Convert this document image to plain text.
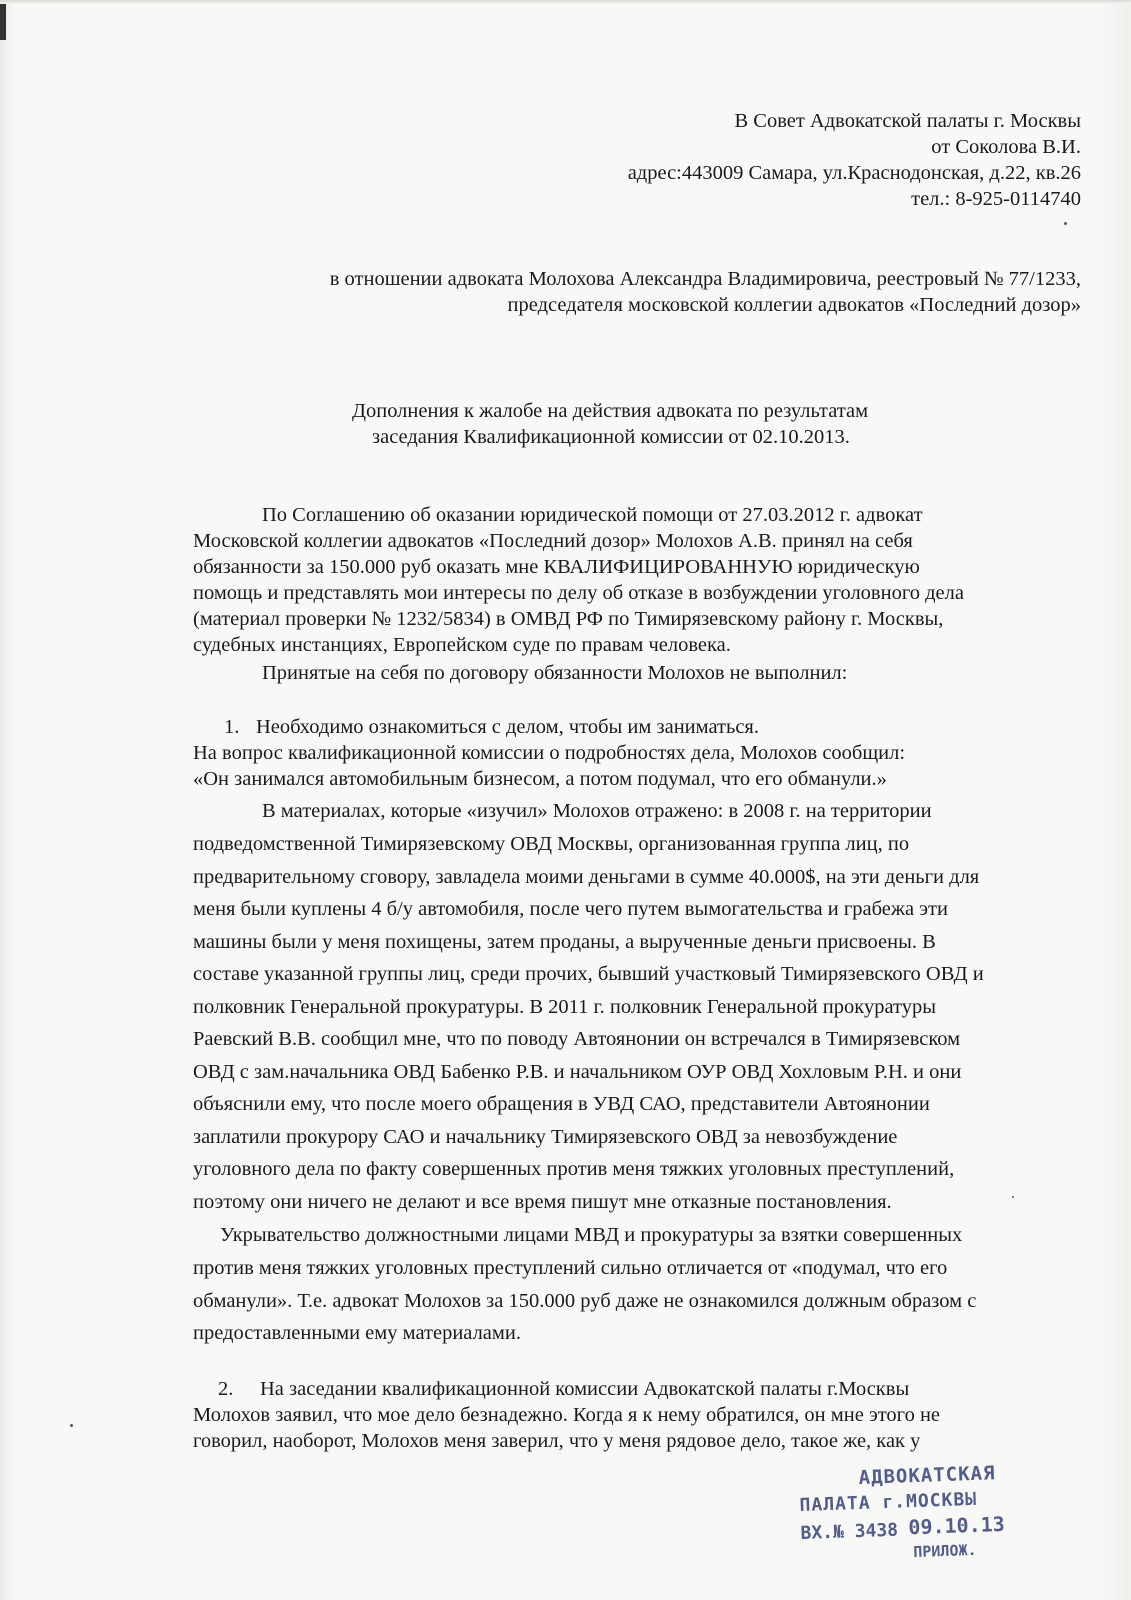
В Совет Адвокатской палаты г. Москвы
от Соколова В.И.
адрес:443009 Самара, ул.Краснодонская, д.22, кв.26
тел.: 8-925-0114740
в отношении адвоката Молохова Александра Владимировича, реестровый № 77/1233,
председателя московской коллегии адвокатов «Последний дозор»
Дополнения к жалобе на действия адвоката по результатам
заседания Квалификационной комиссии от 02.10.2013.
По Соглашению об оказании юридической помощи от 27.03.2012 г. адвокат
Московской коллегии адвокатов «Последний дозор» Молохов А.В. принял на себя
обязанности за 150.000 руб оказать мне КВАЛИФИЦИРОВАННУЮ юридическую
помощь и представлять мои интересы по делу об отказе в возбуждении уголовного дела
(материал проверки № 1232/5834) в ОМВД РФ по Тимирязевскому району г. Москвы,
судебных инстанциях, Европейском суде по правам человека.
Принятые на себя по договору обязанности Молохов не выполнил:
1. Необходимо ознакомиться с делом, чтобы им заниматься.
На вопрос квалификационной комиссии о подробностях дела, Молохов сообщил:
«Он занимался автомобильным бизнесом, а потом подумал, что его обманули.»
В материалах, которые «изучил» Молохов отражено: в 2008 г. на территории
подведомственной Тимирязевскому ОВД Москвы, организованная группа лиц, по
предварительному сговору, завладела моими деньгами в сумме 40.000$, на эти деньги для
меня были куплены 4 б/у автомобиля, после чего путем вымогательства и грабежа эти
машины были у меня похищены, затем проданы, а вырученные деньги присвоены. В
составе указанной группы лиц, среди прочих, бывший участковый Тимирязевского ОВД и
полковник Генеральной прокуратуры. В 2011 г. полковник Генеральной прокуратуры
Раевский В.В. сообщил мне, что по поводу Автоянонии он встречался в Тимирязевском
ОВД с зам.начальника ОВД Бабенко Р.В. и начальником ОУР ОВД Хохловым Р.Н. и они
объяснили ему, что после моего обращения в УВД САО, представители Автоянонии
заплатили прокурору САО и начальнику Тимирязевского ОВД за невозбуждение
уголовного дела по факту совершенных против меня тяжких уголовных преступлений,
поэтому они ничего не делают и все время пишут мне отказные постановления.
Укрывательство должностными лицами МВД и прокуратуры за взятки совершенных
против меня тяжких уголовных преступлений сильно отличается от «подумал, что его
обманули». Т.е. адвокат Молохов за 150.000 руб даже не ознакомился должным образом с
предоставленными ему материалами.
2. На заседании квалификационной комиссии Адвокатской палаты г.Москвы
Молохов заявил, что мое дело безнадежно. Когда я к нему обратился, он мне этого не
говорил, наоборот, Молохов меня заверил, что у меня рядовое дело, такое же, как у
АДВОКАТСКАЯ
ПАЛАТА г.МОСКВЫ
ВХ.№ 3438 09.10.13
ПРИЛОЖ.
